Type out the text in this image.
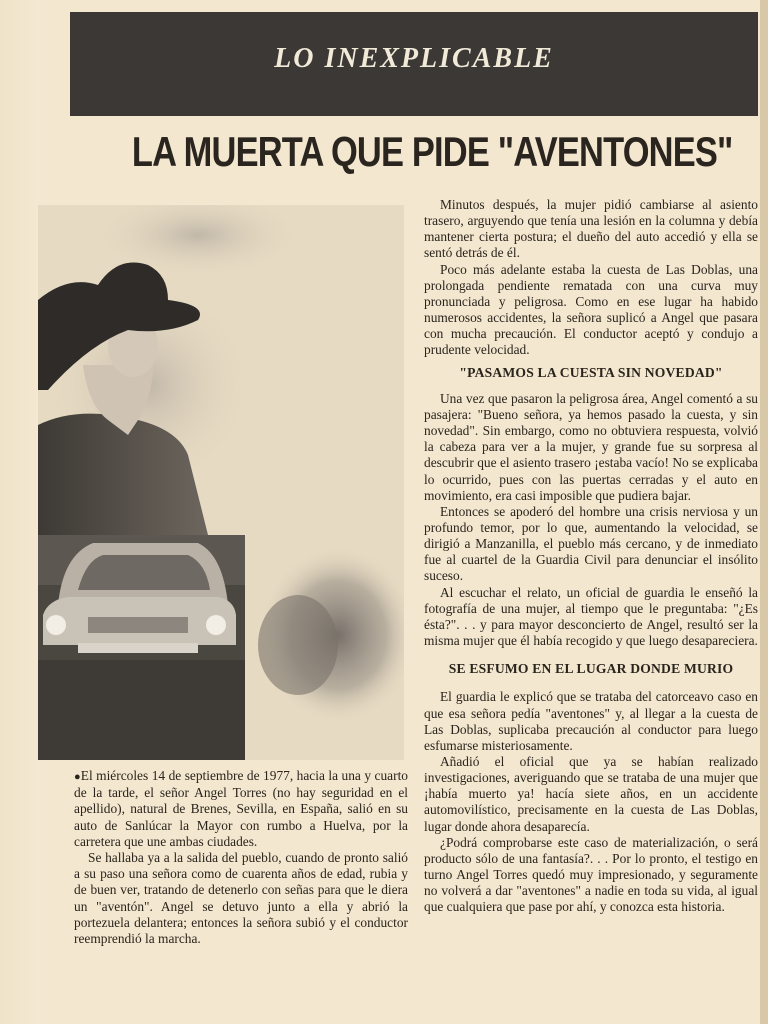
LO INEXPLICABLE
LA MUERTA QUE PIDE "AVENTONES"

●El miércoles 14 de septiembre de 1977, hacia la una y cuarto de la tarde, el señor Angel Torres (no hay seguridad en el apellido), natural de Brenes, Sevilla, en España, salió en su auto de Sanlúcar la Mayor con rumbo a Huelva, por la carretera que une ambas ciudades.

Se hallaba ya a la salida del pueblo, cuando de pronto salió a su paso una señora como de cuarenta años de edad, rubia y de buen ver, tratando de detenerlo con señas para que le diera un "aventón". Angel se detuvo junto a ella y abrió la portezuela delantera; entonces la señora subió y el conductor reemprendió la marcha.

Minutos después, la mujer pidió cambiarse al asiento trasero, arguyendo que tenía una lesión en la columna y debía mantener cierta postura; el dueño del auto accedió y ella se sentó detrás de él.

Poco más adelante estaba la cuesta de Las Doblas, una prolongada pendiente rematada con una curva muy pronunciada y peligrosa. Como en ese lugar ha habido numerosos accidentes, la señora suplicó a Angel que pasara con mucha precaución. El conductor aceptó y condujo a prudente velocidad.

"PASAMOS LA CUESTA SIN NOVEDAD"

Una vez que pasaron la peligrosa área, Angel comentó a su pasajera: "Bueno señora, ya hemos pasado la cuesta, y sin novedad". Sin embargo, como no obtuviera respuesta, volvió la cabeza para ver a la mujer, y grande fue su sorpresa al descubrir que el asiento trasero ¡estaba vacío! No se explicaba lo ocurrido, pues con las puertas cerradas y el auto en movimiento, era casi imposible que pudiera bajar.

Entonces se apoderó del hombre una crisis nerviosa y un profundo temor, por lo que, aumentando la velocidad, se dirigió a Manzanilla, el pueblo más cercano, y de inmediato fue al cuartel de la Guardia Civil para denunciar el insólito suceso.

Al escuchar el relato, un oficial de guardia le enseñó la fotografía de una mujer, al tiempo que le preguntaba: "¿Es ésta?". . . y para mayor desconcierto de Angel, resultó ser la misma mujer que él había recogido y que luego desapareciera.

SE ESFUMO EN EL LUGAR DONDE MURIO

El guardia le explicó que se trataba del catorceavo caso en que esa señora pedía "aventones" y, al llegar a la cuesta de Las Doblas, suplicaba precaución al conductor para luego esfumarse misteriosamente.

Añadió el oficial que ya se habían realizado investigaciones, averiguando que se trataba de una mujer que ¡había muerto ya! hacía siete años, en un accidente automovilístico, precisamente en la cuesta de Las Doblas, lugar donde ahora desaparecía.

¿Podrá comprobarse este caso de materialización, o será producto sólo de una fantasía?. . . Por lo pronto, el testigo en turno Angel Torres quedó muy impresionado, y seguramente no volverá a dar "aventones" a nadie en toda su vida, al igual que cualquiera que pase por ahí, y conozca esta historia.
